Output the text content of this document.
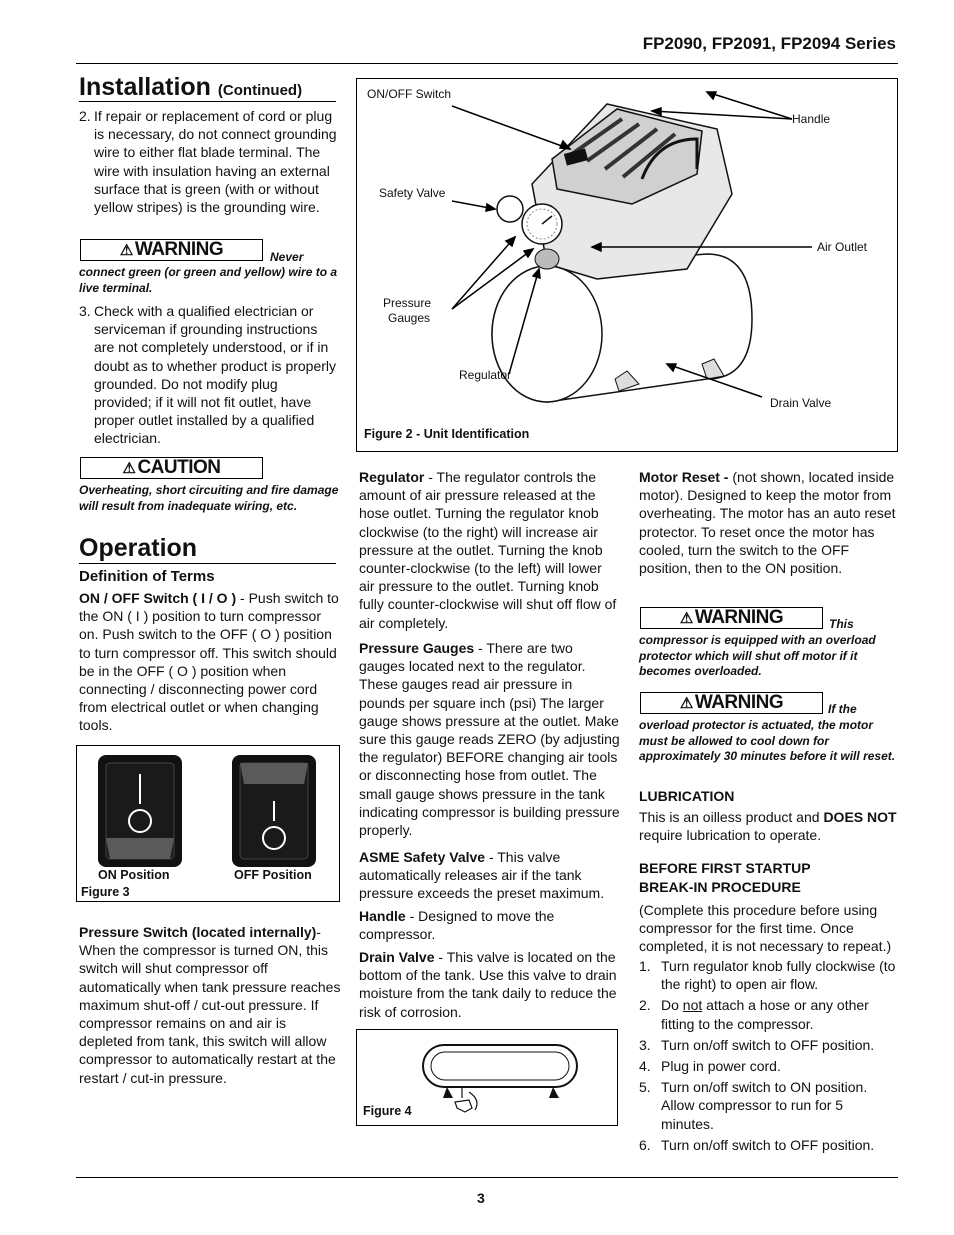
FP2090, FP2091, FP2094 Series
Installation (Continued)
2. If repair or replacement of cord or plug is necessary, do not connect grounding wire to either flat blade terminal. The wire with insulation having an external surface that is green (with or without yellow stripes) is the grounding wire.
⚠ WARNING	Never
connect green (or green and yellow) wire to a live terminal.
3. Check with a qualified electrician or serviceman if grounding instructions are not completely understood, or if in doubt as to whether product is properly grounded. Do not modify plug provided; if it will not fit outlet, have proper outlet installed by a qualified electrician.
⚠ CAUTION
Overheating, short circuiting and fire damage will result from inadequate wiring, etc.
Operation
Definition of Terms
ON / OFF Switch ( I / O ) - Push switch to the ON ( I ) position to turn compressor on. Push switch to the OFF ( O ) position to turn compressor off. This switch should be in the OFF ( O ) position when connecting / disconnecting power cord from electrical outlet or when changing tools.
ON Position	OFF Position
Figure 3
Pressure Switch (located internally)- When the compressor is turned ON, this switch will shut compressor off automatically when tank pressure reaches maximum shut-off / cut-out pressure. If compressor remains on and air is depleted from tank, this switch will allow compressor to automatically restart at the restart / cut-in pressure.
ON/OFF Switch
Handle
Safety Valve
Air Outlet
Pressure
Gauges
Regulator
Drain Valve
Figure 2 - Unit Identification
Regulator - The regulator controls the amount of air pressure released at the hose outlet. Turning the regulator knob clockwise (to the right) will increase air pressure at the outlet. Turning the knob counter-clockwise (to the left) will lower air pressure to the outlet. Turning knob fully counter-clockwise will shut off flow of air completely.
Pressure Gauges - There are two gauges located next to the regulator. These gauges read air pressure in pounds per square inch (psi) The larger gauge shows pressure at the outlet. Make sure this gauge reads ZERO (by adjusting the regulator) BEFORE changing air tools or disconnecting hose from outlet. The small gauge shows pressure in the tank indicating compressor is building pressure properly.
ASME Safety Valve - This valve automatically releases air if the tank pressure exceeds the preset maximum.
Handle - Designed to move the compressor.
Drain Valve - This valve is located on the bottom of the tank. Use this valve to drain moisture from the tank daily to reduce the risk of corrosion.
Figure 4
Motor Reset - (not shown, located inside motor). Designed to keep the motor from overheating. The motor has an auto reset protector. To reset once the motor has cooled, turn the switch to the OFF position, then to the ON position.
⚠ WARNING	This
compressor is equipped with an overload protector which will shut off motor if it becomes overloaded.
⚠ WARNING	If the
overload protector is actuated, the motor must be allowed to cool down for approximately 30 minutes before it will reset.
LUBRICATION
This is an oilless product and DOES NOT require lubrication to operate.
BEFORE FIRST STARTUP
BREAK-IN PROCEDURE
(Complete this procedure before using compressor for the first time. Once completed, it is not necessary to repeat.)
1. Turn regulator knob fully clockwise (to the right) to open air flow.
2. Do not attach a hose or any other fitting to the compressor.
3. Turn on/off switch to OFF position.
4. Plug in power cord.
5. Turn on/off switch to ON position. Allow compressor to run for 5 minutes.
6. Turn on/off switch to OFF position.
3
